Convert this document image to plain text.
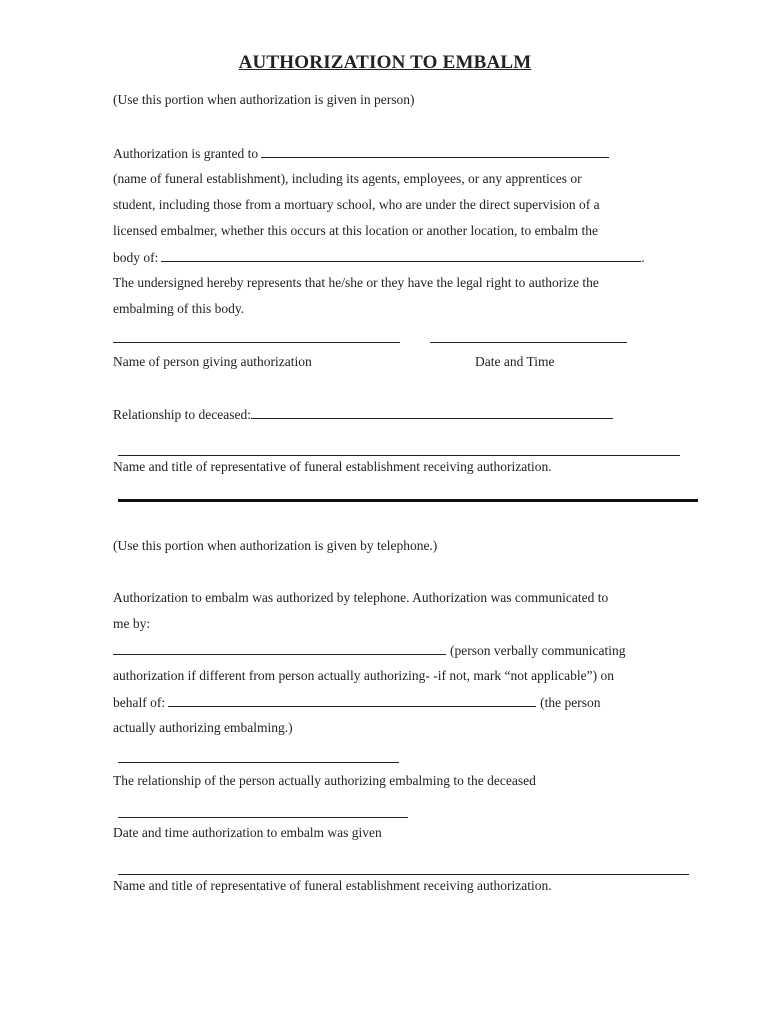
AUTHORIZATION TO EMBALM
(Use this portion when authorization is given in person)
Authorization is granted to
(name of funeral establishment), including its agents, employees, or any apprentices or
student, including those from a mortuary school, who are under the direct supervision of a
licensed embalmer, whether this occurs at this location or another location, to embalm the
body of:	.
The undersigned hereby represents that he/she or they have the legal right to authorize the
embalming of this body.
Name of person giving authorization	Date and Time
Relationship to deceased:
Name and title of representative of funeral establishment receiving authorization.
(Use this portion when authorization is given by telephone.)
Authorization to embalm was authorized by telephone. Authorization was communicated to
me by:
(person verbally communicating
authorization if different from person actually authorizing- -if not, mark “not applicable”) on
behalf of:	(the person
actually authorizing embalming.)
The relationship of the person actually authorizing embalming to the deceased
Date and time authorization to embalm was given
Name and title of representative of funeral establishment receiving authorization.
